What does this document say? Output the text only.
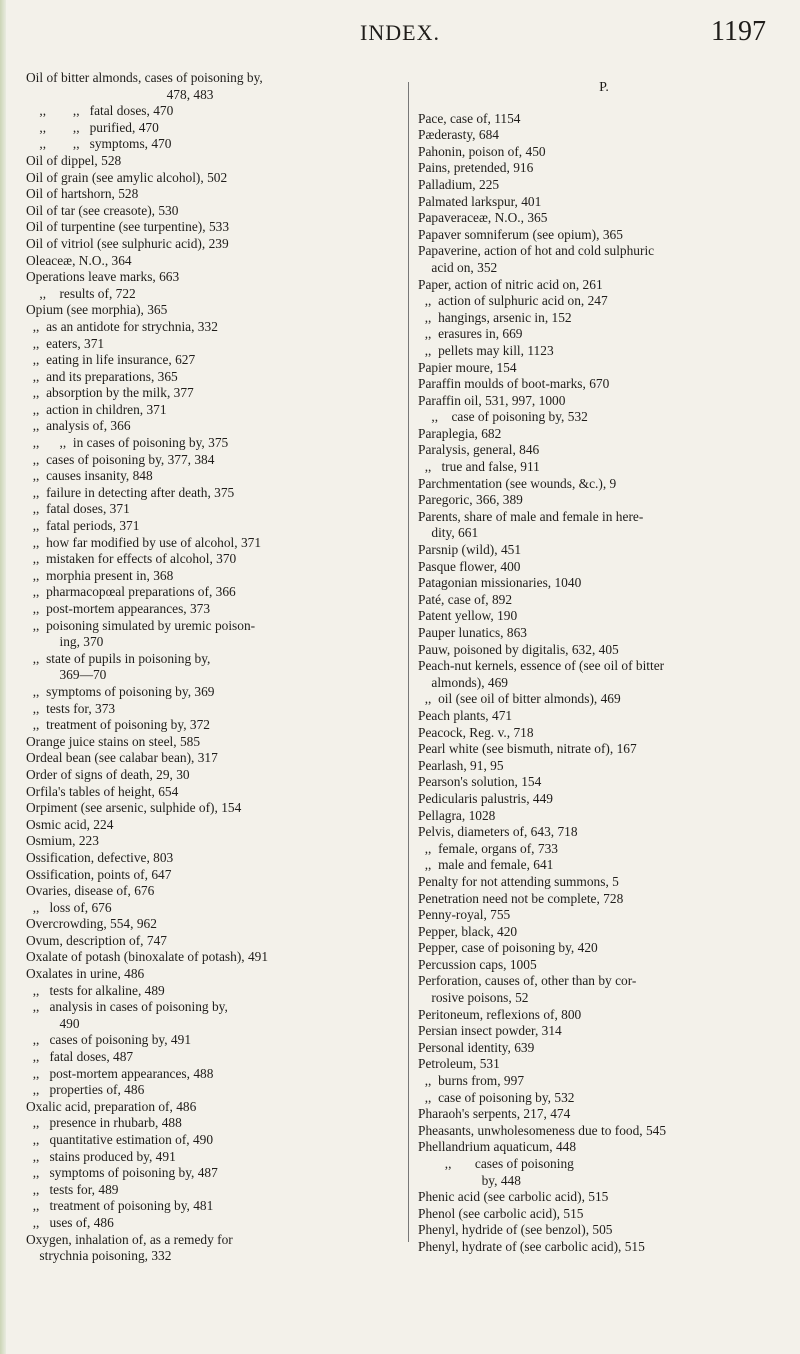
INDEX.	1197
Oil of bitter almonds, cases of poisoning by,
478, 483
,,        ,,   fatal doses, 470
,,        ,,   purified, 470
,,        ,,   symptoms, 470
Oil of dippel, 528
Oil of grain (see amylic alcohol), 502
Oil of hartshorn, 528
Oil of tar (see creasote), 530
Oil of turpentine (see turpentine), 533
Oil of vitriol (see sulphuric acid), 239
Oleaceæ, N.O., 364
Operations leave marks, 663
,,    results of, 722
Opium (see morphia), 365
,,  as an antidote for strychnia, 332
,,  eaters, 371
,,  eating in life insurance, 627
,,  and its preparations, 365
,,  absorption by the milk, 377
,,  action in children, 371
,,  analysis of, 366
,,      ,,  in cases of poisoning by, 375
,,  cases of poisoning by, 377, 384
,,  causes insanity, 848
,,  failure in detecting after death, 375
,,  fatal doses, 371
,,  fatal periods, 371
,,  how far modified by use of alcohol, 371
,,  mistaken for effects of alcohol, 370
,,  morphia present in, 368
,,  pharmacopœal preparations of, 366
,,  post-mortem appearances, 373
,,  poisoning simulated by uremic poison-
ing, 370
,,  state of pupils in poisoning by,
369—70
,,  symptoms of poisoning by, 369
,,  tests for, 373
,,  treatment of poisoning by, 372
Orange juice stains on steel, 585
Ordeal bean (see calabar bean), 317
Order of signs of death, 29, 30
Orfila's tables of height, 654
Orpiment (see arsenic, sulphide of), 154
Osmic acid, 224
Osmium, 223
Ossification, defective, 803
Ossification, points of, 647
Ovaries, disease of, 676
,,   loss of, 676
Overcrowding, 554, 962
Ovum, description of, 747
Oxalate of potash (binoxalate of potash), 491
Oxalates in urine, 486
,,   tests for alkaline, 489
,,   analysis in cases of poisoning by,
490
,,   cases of poisoning by, 491
,,   fatal doses, 487
,,   post-mortem appearances, 488
,,   properties of, 486
Oxalic acid, preparation of, 486
,,   presence in rhubarb, 488
,,   quantitative estimation of, 490
,,   stains produced by, 491
,,   symptoms of poisoning by, 487
,,   tests for, 489
,,   treatment of poisoning by, 481
,,   uses of, 486
Oxygen, inhalation of, as a remedy for
strychnia poisoning, 332
P.
Pace, case of, 1154
Pæderasty, 684
Pahonin, poison of, 450
Pains, pretended, 916
Palladium, 225
Palmated larkspur, 401
Papaveraceæ, N.O., 365
Papaver somniferum (see opium), 365
Papaverine, action of hot and cold sulphuric
acid on, 352
Paper, action of nitric acid on, 261
,,  action of sulphuric acid on, 247
,,  hangings, arsenic in, 152
,,  erasures in, 669
,,  pellets may kill, 1123
Papier moure, 154
Paraffin moulds of boot-marks, 670
Paraffin oil, 531, 997, 1000
,,    case of poisoning by, 532
Paraplegia, 682
Paralysis, general, 846
,,   true and false, 911
Parchmentation (see wounds, &c.), 9
Paregoric, 366, 389
Parents, share of male and female in here-
dity, 661
Parsnip (wild), 451
Pasque flower, 400
Patagonian missionaries, 1040
Paté, case of, 892
Patent yellow, 190
Pauper lunatics, 863
Pauw, poisoned by digitalis, 632, 405
Peach-nut kernels, essence of (see oil of bitter
almonds), 469
,,  oil (see oil of bitter almonds), 469
Peach plants, 471
Peacock, Reg. v., 718
Pearl white (see bismuth, nitrate of), 167
Pearlash, 91, 95
Pearson's solution, 154
Pedicularis palustris, 449
Pellagra, 1028
Pelvis, diameters of, 643, 718
,,  female, organs of, 733
,,  male and female, 641
Penalty for not attending summons, 5
Penetration need not be complete, 728
Penny-royal, 755
Pepper, black, 420
Pepper, case of poisoning by, 420
Percussion caps, 1005
Perforation, causes of, other than by cor-
rosive poisons, 52
Peritoneum, reflexions of, 800
Persian insect powder, 314
Personal identity, 639
Petroleum, 531
,,  burns from, 997
,,  case of poisoning by, 532
Pharaoh's serpents, 217, 474
Pheasants, unwholesomeness due to food, 545
Phellandrium aquaticum, 448
,,       cases of poisoning
by, 448
Phenic acid (see carbolic acid), 515
Phenol (see carbolic acid), 515
Phenyl, hydride of (see benzol), 505
Phenyl, hydrate of (see carbolic acid), 515
